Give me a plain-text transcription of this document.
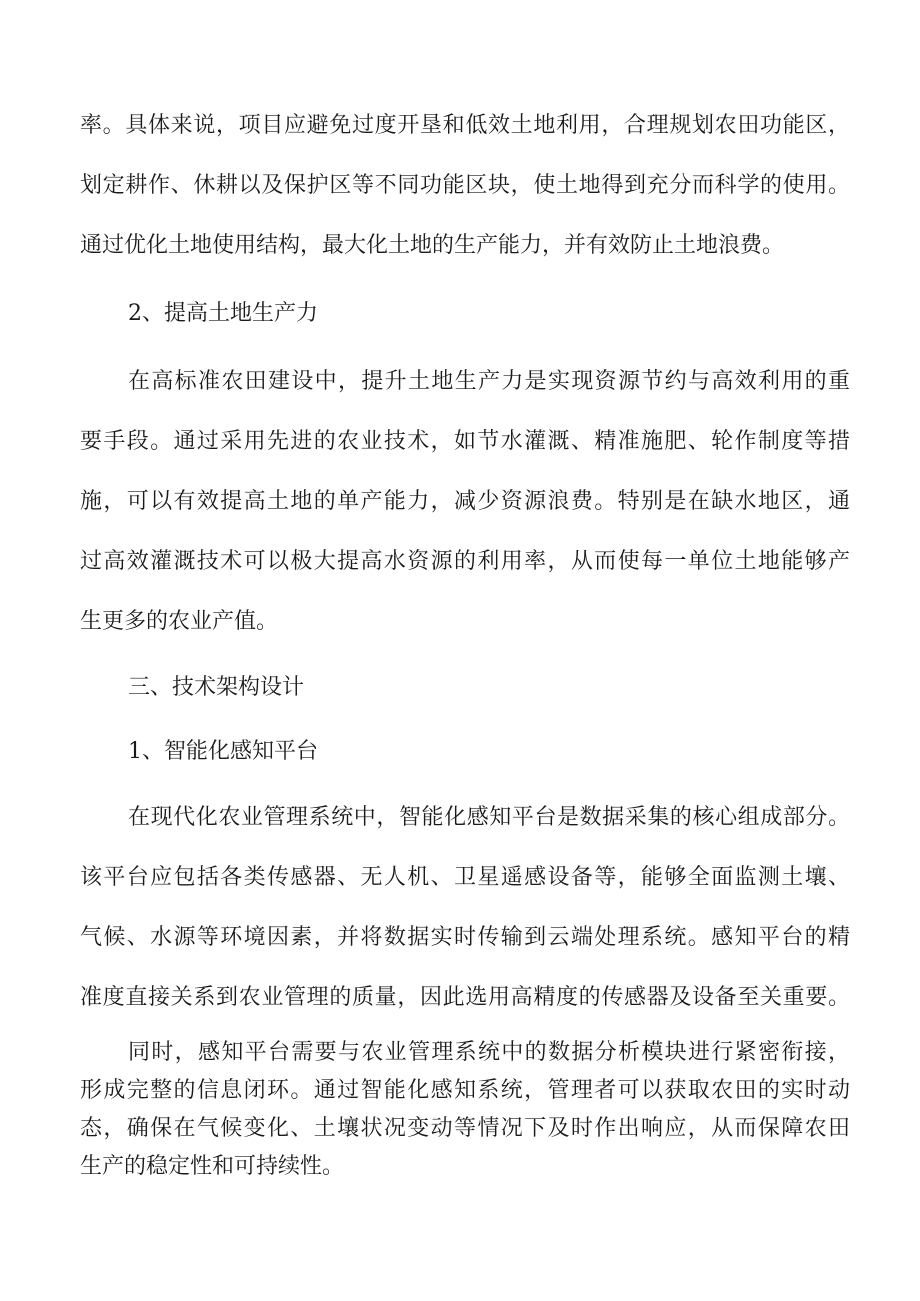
率。具体来说，项目应避免过度开垦和低效土地利用，合理规划农田功能区，
划定耕作、休耕以及保护区等不同功能区块，使土地得到充分而科学的使用。
通过优化土地使用结构，最大化土地的生产能力，并有效防止土地浪费。
2、提高土地生产力
在高标准农田建设中，提升土地生产力是实现资源节约与高效利用的重
要手段。通过采用先进的农业技术，如节水灌溉、精准施肥、轮作制度等措
施，可以有效提高土地的单产能力，减少资源浪费。特别是在缺水地区，通
过高效灌溉技术可以极大提高水资源的利用率，从而使每一单位土地能够产
生更多的农业产值。
三、技术架构设计
1、智能化感知平台
在现代化农业管理系统中，智能化感知平台是数据采集的核心组成部分。
该平台应包括各类传感器、无人机、卫星遥感设备等，能够全面监测土壤、
气候、水源等环境因素，并将数据实时传输到云端处理系统。感知平台的精
准度直接关系到农业管理的质量，因此选用高精度的传感器及设备至关重要。
同时，感知平台需要与农业管理系统中的数据分析模块进行紧密衔接，
形成完整的信息闭环。通过智能化感知系统，管理者可以获取农田的实时动
态，确保在气候变化、土壤状况变动等情况下及时作出响应，从而保障农田
生产的稳定性和可持续性。
